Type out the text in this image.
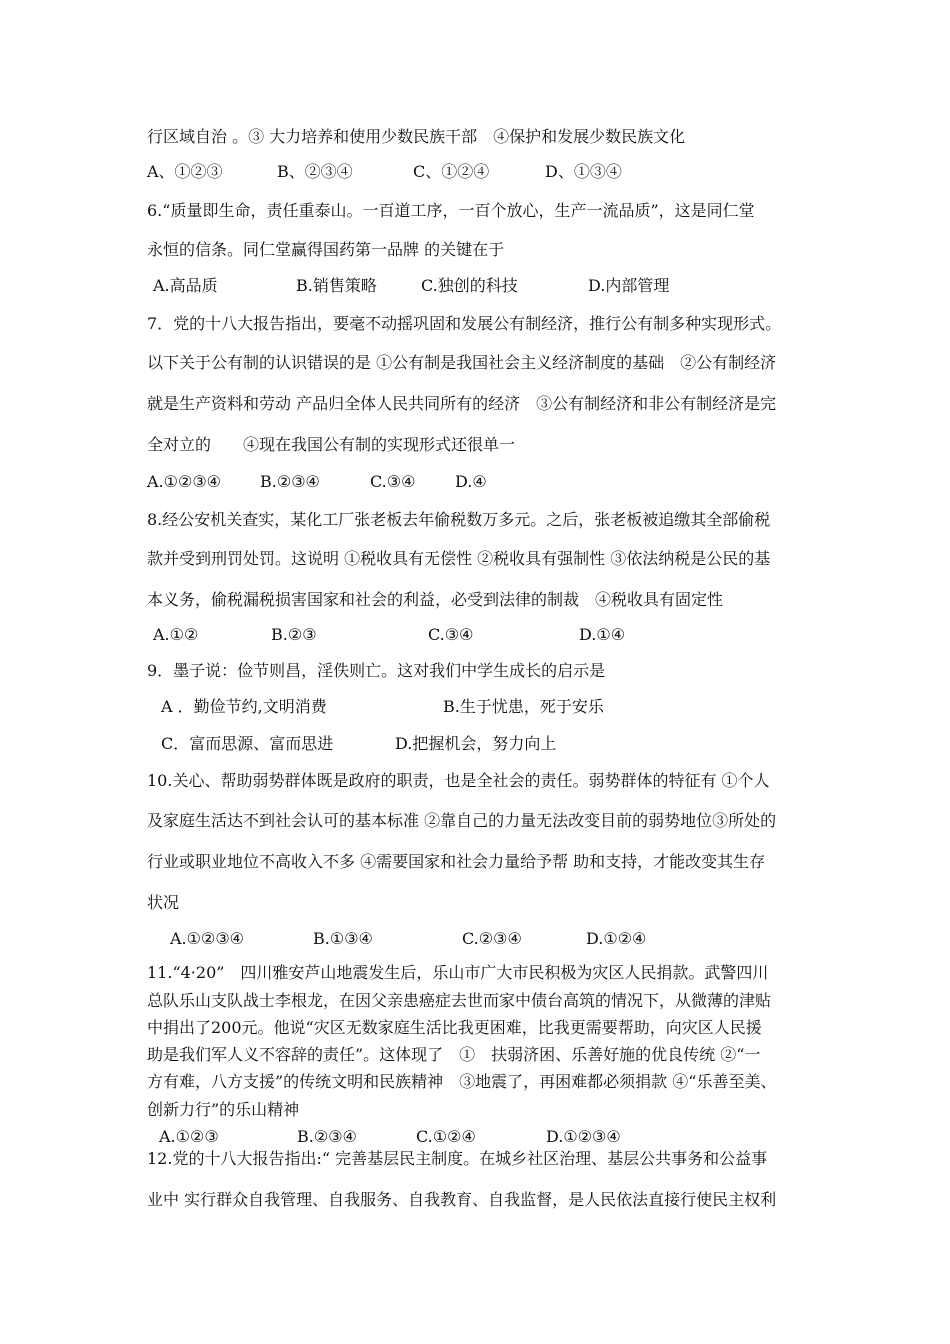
行区域自治 。③ 大力培养和使用少数民族干部　④保护和发展少数民族文化

A、①②③

	B、②③④

	C、①②④

	D、①③④

6.“质量即生命，责任重泰山。一百道工序，一百个放心，生产一流品质”，这是同仁堂
永恒的信条。同仁堂赢得国药第一品牌 的关键在于

A.高品质

	B.销售策略

	C.独创的科技

	D.内部管理

7．党的十八大报告指出，要毫不动摇巩固和发展公有制经济，推行公有制多种实现形式。
以下关于公有制的认识错误的是 ①公有制是我国社会主义经济制度的基础　②公有制经济
就是生产资料和劳动 产品归全体人民共同所有的经济　③公有制经济和非公有制经济是完
全对立的　　④现在我国公有制的实现形式还很单一

A.①②③④

B.②③④

	C.③④

D.④

8.经公安机关查实，某化工厂张老板去年偷税数万多元。之后，张老板被追缴其全部偷税
款并受到刑罚处罚。这说明 ①税收具有无偿性 ②税收具有强制性 ③依法纳税是公民的基
本义务，偷税漏税损害国家和社会的利益，必受到法律的制裁　④税收具有固定性

A.①②

	B.②③

	C.③④

	D.①④

9．墨子说：俭节则昌，淫佚则亡。这对我们中学生成长的启示是

A ．勤俭节约,文明消费

	B.生于忧患，死于安乐

C．富而思源、富而思进

	D.把握机会，努力向上

10.关心、帮助弱势群体既是政府的职责，也是全社会的责任。弱势群体的特征有 ①个人
及家庭生活达不到社会认可的基本标准 ②靠自己的力量无法改变目前的弱势地位③所处的
行业或职业地位不高收入不多 ④需要国家和社会力量给予帮 助和支持，才能改变其生存
状况

A.①②③④

	B.①③④

	C.②③④

	D.①②④

11.“4·20”　四川雅安芦山地震发生后，乐山市广大市民积极为灾区人民捐款。武警四川
总队乐山支队战士李根龙，在因父亲患癌症去世而家中债台高筑的情况下，从微薄的津贴
中捐出了200元。他说“灾区无数家庭生活比我更困难，比我更需要帮助，向灾区人民援
助是我们军人义不容辞的责任”。这体现了　①　扶弱济困、乐善好施的优良传统 ②“一
方有难，八方支援”的传统文明和民族精神　③地震了，再困难都必须捐款 ④“乐善至美、
创新力行”的乐山精神

A.①②③

	B.②③④

	C.①②④

	D.①②③④

12.党的十八大报告指出:“ 完善基层民主制度。在城乡社区治理、基层公共事务和公益事
业中 实行群众自我管理、自我服务、自我教育、自我监督，是人民依法直接行使民主权利
